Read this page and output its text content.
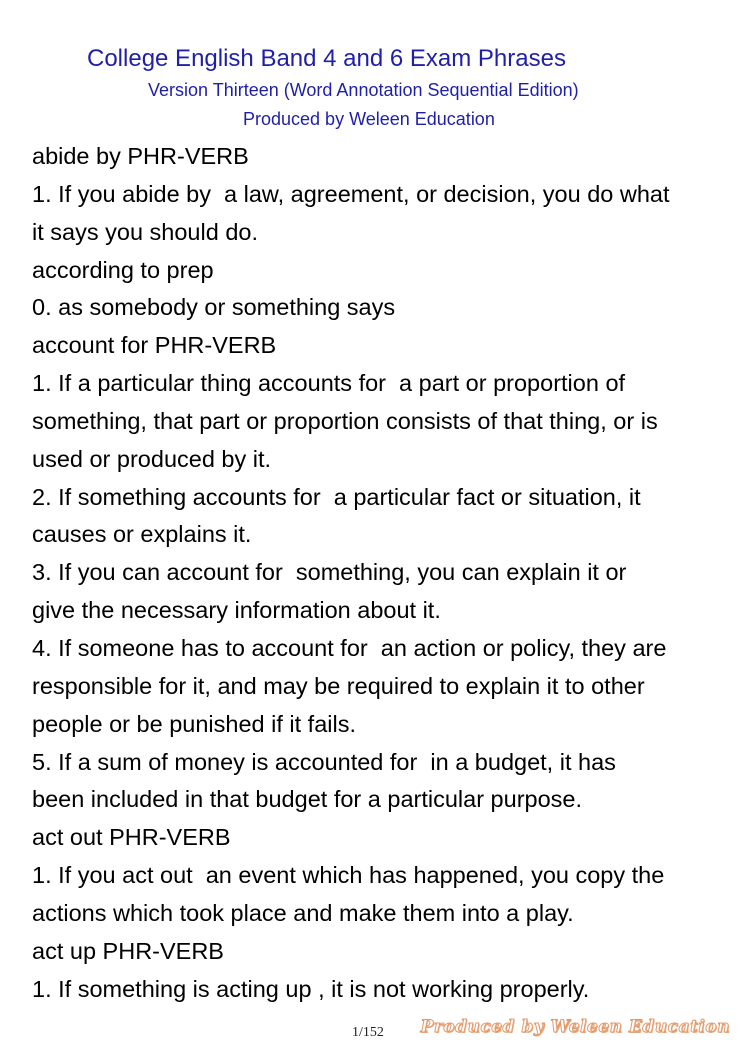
College English Band 4 and 6 Exam Phrases
Version Thirteen (Word Annotation Sequential Edition)
Produced by Weleen Education
abide by PHR-VERB
1. If you abide by  a law, agreement, or decision, you do what
it says you should do.
according to prep
0. as somebody or something says
account for PHR-VERB
1. If a particular thing accounts for  a part or proportion of
something, that part or proportion consists of that thing, or is
used or produced by it.
2. If something accounts for  a particular fact or situation, it
causes or explains it.
3. If you can account for  something, you can explain it or
give the necessary information about it.
4. If someone has to account for  an action or policy, they are
responsible for it, and may be required to explain it to other
people or be punished if it fails.
5. If a sum of money is accounted for  in a budget, it has
been included in that budget for a particular purpose.
act out PHR-VERB
1. If you act out  an event which has happened, you copy the
actions which took place and make them into a play.
act up PHR-VERB
1. If something is acting up , it is not working properly.
1/152 Produced by Weleen Education
